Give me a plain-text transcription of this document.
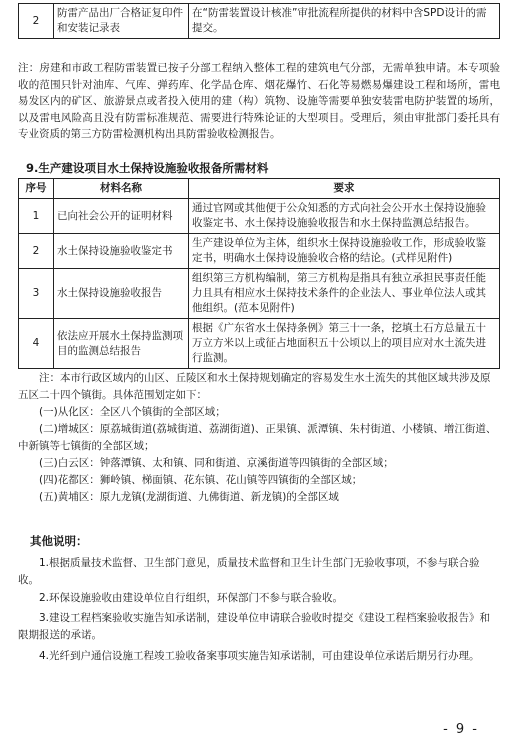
2	防雷产品出厂合格证复印件和安装记录表	在“防雷装置设计核准”审批流程所提供的材料中含SPD设计的需提交。
注：房建和市政工程防雷装置已按子分部工程纳入整体工程的建筑电气分部，无需单独申请。本专项验收的范围只针对油库、气库、弹药库、化学品仓库、烟花爆竹、石化等易燃易爆建设工程和场所，雷电易发区内的矿区、旅游景点或者投入使用的建（构）筑物、设施等需要单独安装雷电防护装置的场所，以及雷电风险高且没有防雷标准规范、需要进行特殊论证的大型项目。受理后，须由审批部门委托具有专业资质的第三方防雷检测机构出具防雷验收检测报告。
9.生产建设项目水土保持设施验收报备所需材料
序号	材料名称	要求
1	已向社会公开的证明材料	通过官网或其他便于公众知悉的方式向社会公开水土保持设施验收鉴定书、水土保持设施验收报告和水土保持监测总结报告。
2	水土保持设施验收鉴定书	生产建设单位为主体，组织水土保持设施验收工作，形成验收鉴定书，明确水土保持设施验收合格的结论。(式样见附件)
3	水土保持设施验收报告	组织第三方机构编制，第三方机构是指具有独立承担民事责任能力且具有相应水土保持技术条件的企业法人、事业单位法人或其他组织。(范本见附件)
4	依法应开展水土保持监测项目的监测总结报告	根据《广东省水土保持条例》第三十一条，挖填土石方总量五十万立方米以上或征占地面积五十公顷以上的项目应对水土流失进行监测。
注：本市行政区域内的山区、丘陵区和水土保持规划确定的容易发生水土流失的其他区域共涉及原五区二十四个镇街。具体范围划定如下：
(一)从化区：全区八个镇街的全部区域；
(二)增城区：原荔城街道(荔城街道、荔湖街道)、正果镇、派潭镇、朱村街道、小楼镇、增江街道、中新镇等七镇街的全部区域；
(三)白云区：钟落潭镇、太和镇、同和街道、京溪街道等四镇街的全部区域；
(四)花都区：狮岭镇、梯面镇、花东镇、花山镇等四镇街的全部区域；
(五)黄埔区：原九龙镇(龙湖街道、九佛街道、新龙镇)的全部区域
其他说明：
1.根据质量技术监督、卫生部门意见，质量技术监督和卫生计生部门无验收事项，不参与联合验收。
2.环保设施验收由建设单位自行组织，环保部门不参与联合验收。
3.建设工程档案验收实施告知承诺制，建设单位申请联合验收时提交《建设工程档案验收报告》和限期报送的承诺。
4.光纤到户通信设施工程竣工验收备案事项实施告知承诺制，可由建设单位承诺后期另行办理。
- 9 -
